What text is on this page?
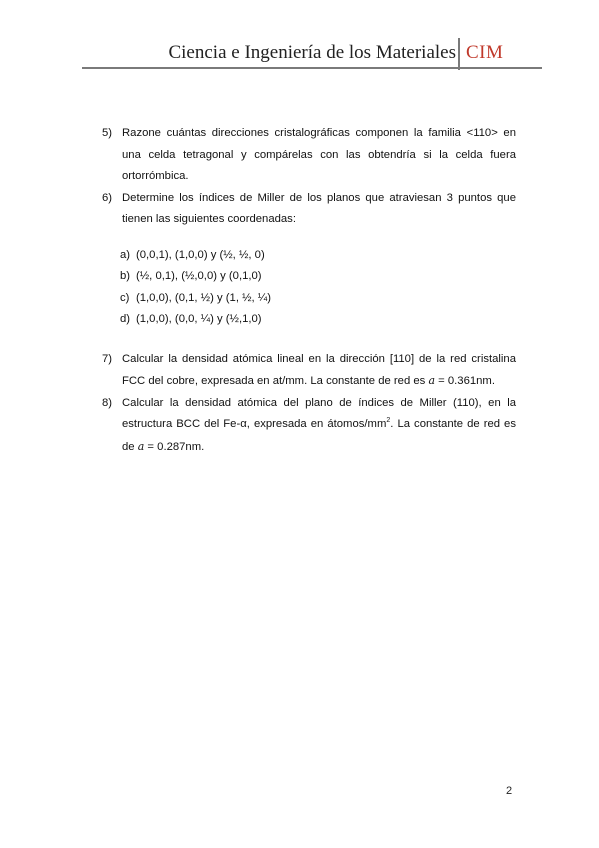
Ciencia e Ingeniería de los Materiales CIM
5) Razone cuántas direcciones cristalográficas componen la familia <110> en una celda tetragonal y compárelas con las obtendría si la celda fuera ortorrómbica.
6) Determine los índices de Miller de los planos que atraviesan 3 puntos que tienen las siguientes coordenadas:
a) (0,0,1), (1,0,0) y (½, ½, 0)
b) (½, 0,1), (½,0,0) y (0,1,0)
c) (1,0,0), (0,1, ½) y (1, ½, ¼)
d) (1,0,0), (0,0, ¼) y (½,1,0)
7) Calcular la densidad atómica lineal en la dirección [110] de la red cristalina FCC del cobre, expresada en at/mm. La constante de red es a = 0.361nm.
8) Calcular la densidad atómica del plano de índices de Miller (110), en la estructura BCC del Fe-α, expresada en átomos/$mm^2$. La constante de red es de a = 0.287nm.
2
